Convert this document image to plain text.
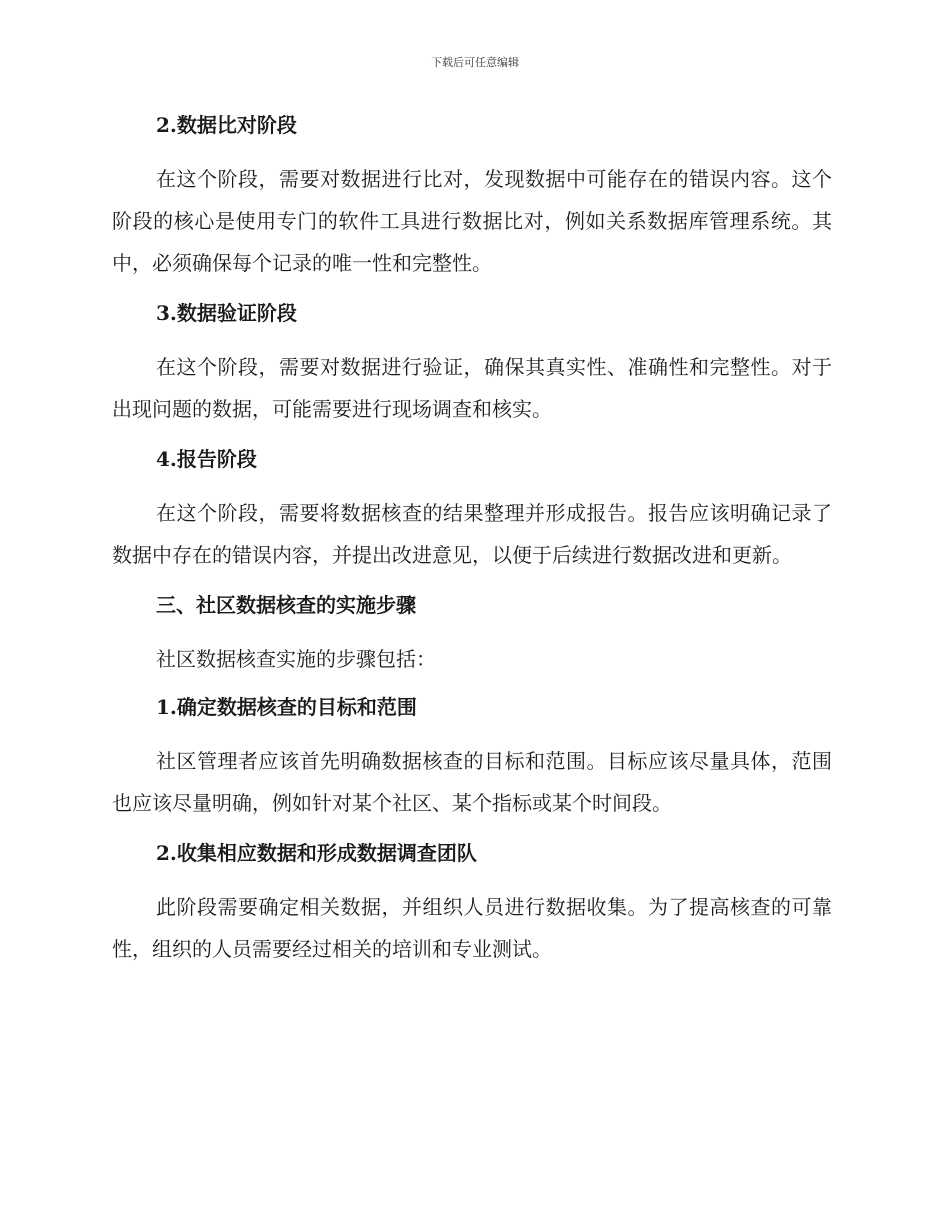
下载后可任意编辑
2.数据比对阶段
在这个阶段，需要对数据进行比对，发现数据中可能存在的错误内容。这个阶段的核心是使用专门的软件工具进行数据比对，例如关系数据库管理系统。其中，必须确保每个记录的唯一性和完整性。
3.数据验证阶段
在这个阶段，需要对数据进行验证，确保其真实性、准确性和完整性。对于出现问题的数据，可能需要进行现场调查和核实。
4.报告阶段
在这个阶段，需要将数据核查的结果整理并形成报告。报告应该明确记录了数据中存在的错误内容，并提出改进意见，以便于后续进行数据改进和更新。
三、社区数据核查的实施步骤
社区数据核查实施的步骤包括：
1.确定数据核查的目标和范围
社区管理者应该首先明确数据核查的目标和范围。目标应该尽量具体，范围也应该尽量明确，例如针对某个社区、某个指标或某个时间段。
2.收集相应数据和形成数据调查团队
此阶段需要确定相关数据，并组织人员进行数据收集。为了提高核查的可靠性，组织的人员需要经过相关的培训和专业测试。
